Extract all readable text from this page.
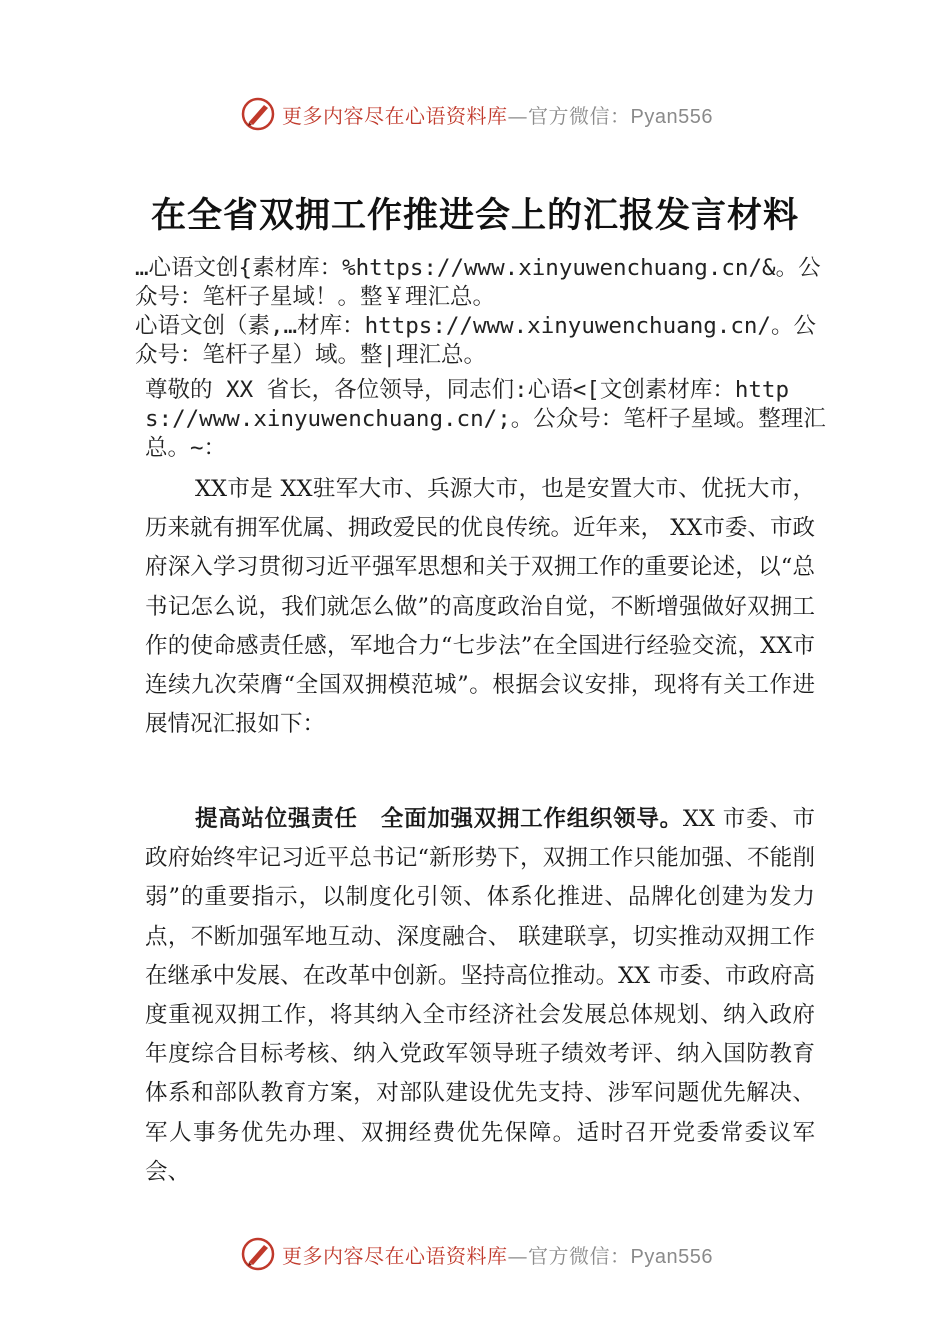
更多内容尽在心语资料库—官方微信：Pyan556
在全省双拥工作推进会上的汇报发言材料
…心语文创{素材库：%https://www.xinyuwenchuang.cn/&。公众号：笔杆子星域！。整￥理汇总。
心语文创（素,…材库：https://www.xinyuwenchuang.cn/。公众号：笔杆子星）域。整|理汇总。
尊敬的 XX 省长，各位领导，同志们:心语<[文创素材库：https://www.xinyuwenchuang.cn/;。公众号：笔杆子星域。整理汇总。~：
XX市是 XX驻军大市、兵源大市，也是安置大市、优抚大市，历来就有拥军优属、拥政爱民的优良传统。近年来， XX市委、市政府深入学习贯彻习近平强军思想和关于双拥工作的重要论述，以“总书记怎么说，我们就怎么做”的高度政治自觉，不断增强做好双拥工作的使命感责任感，军地合力“七步法”在全国进行经验交流，XX市连续九次荣膺“全国双拥模范城”。根据会议安排，现将有关工作进展情况汇报如下：
提高站位强责任　全面加强双拥工作组织领导。XX 市委、市政府始终牢记习近平总书记“新形势下，双拥工作只能加强、不能削弱”的重要指示，以制度化引领、体系化推进、品牌化创建为发力点，不断加强军地互动、深度融合、 联建联享，切实推动双拥工作在继承中发展、在改革中创新。坚持高位推动。XX 市委、市政府高度重视双拥工作，将其纳入全市经济社会发展总体规划、纳入政府年度综合目标考核、纳入党政军领导班子绩效考评、纳入国防教育体系和部队教育方案，对部队建设优先支持、涉军问题优先解决、军人事务优先办理、双拥经费优先保障。适时召开党委常委议军会、
更多内容尽在心语资料库—官方微信：Pyan556
